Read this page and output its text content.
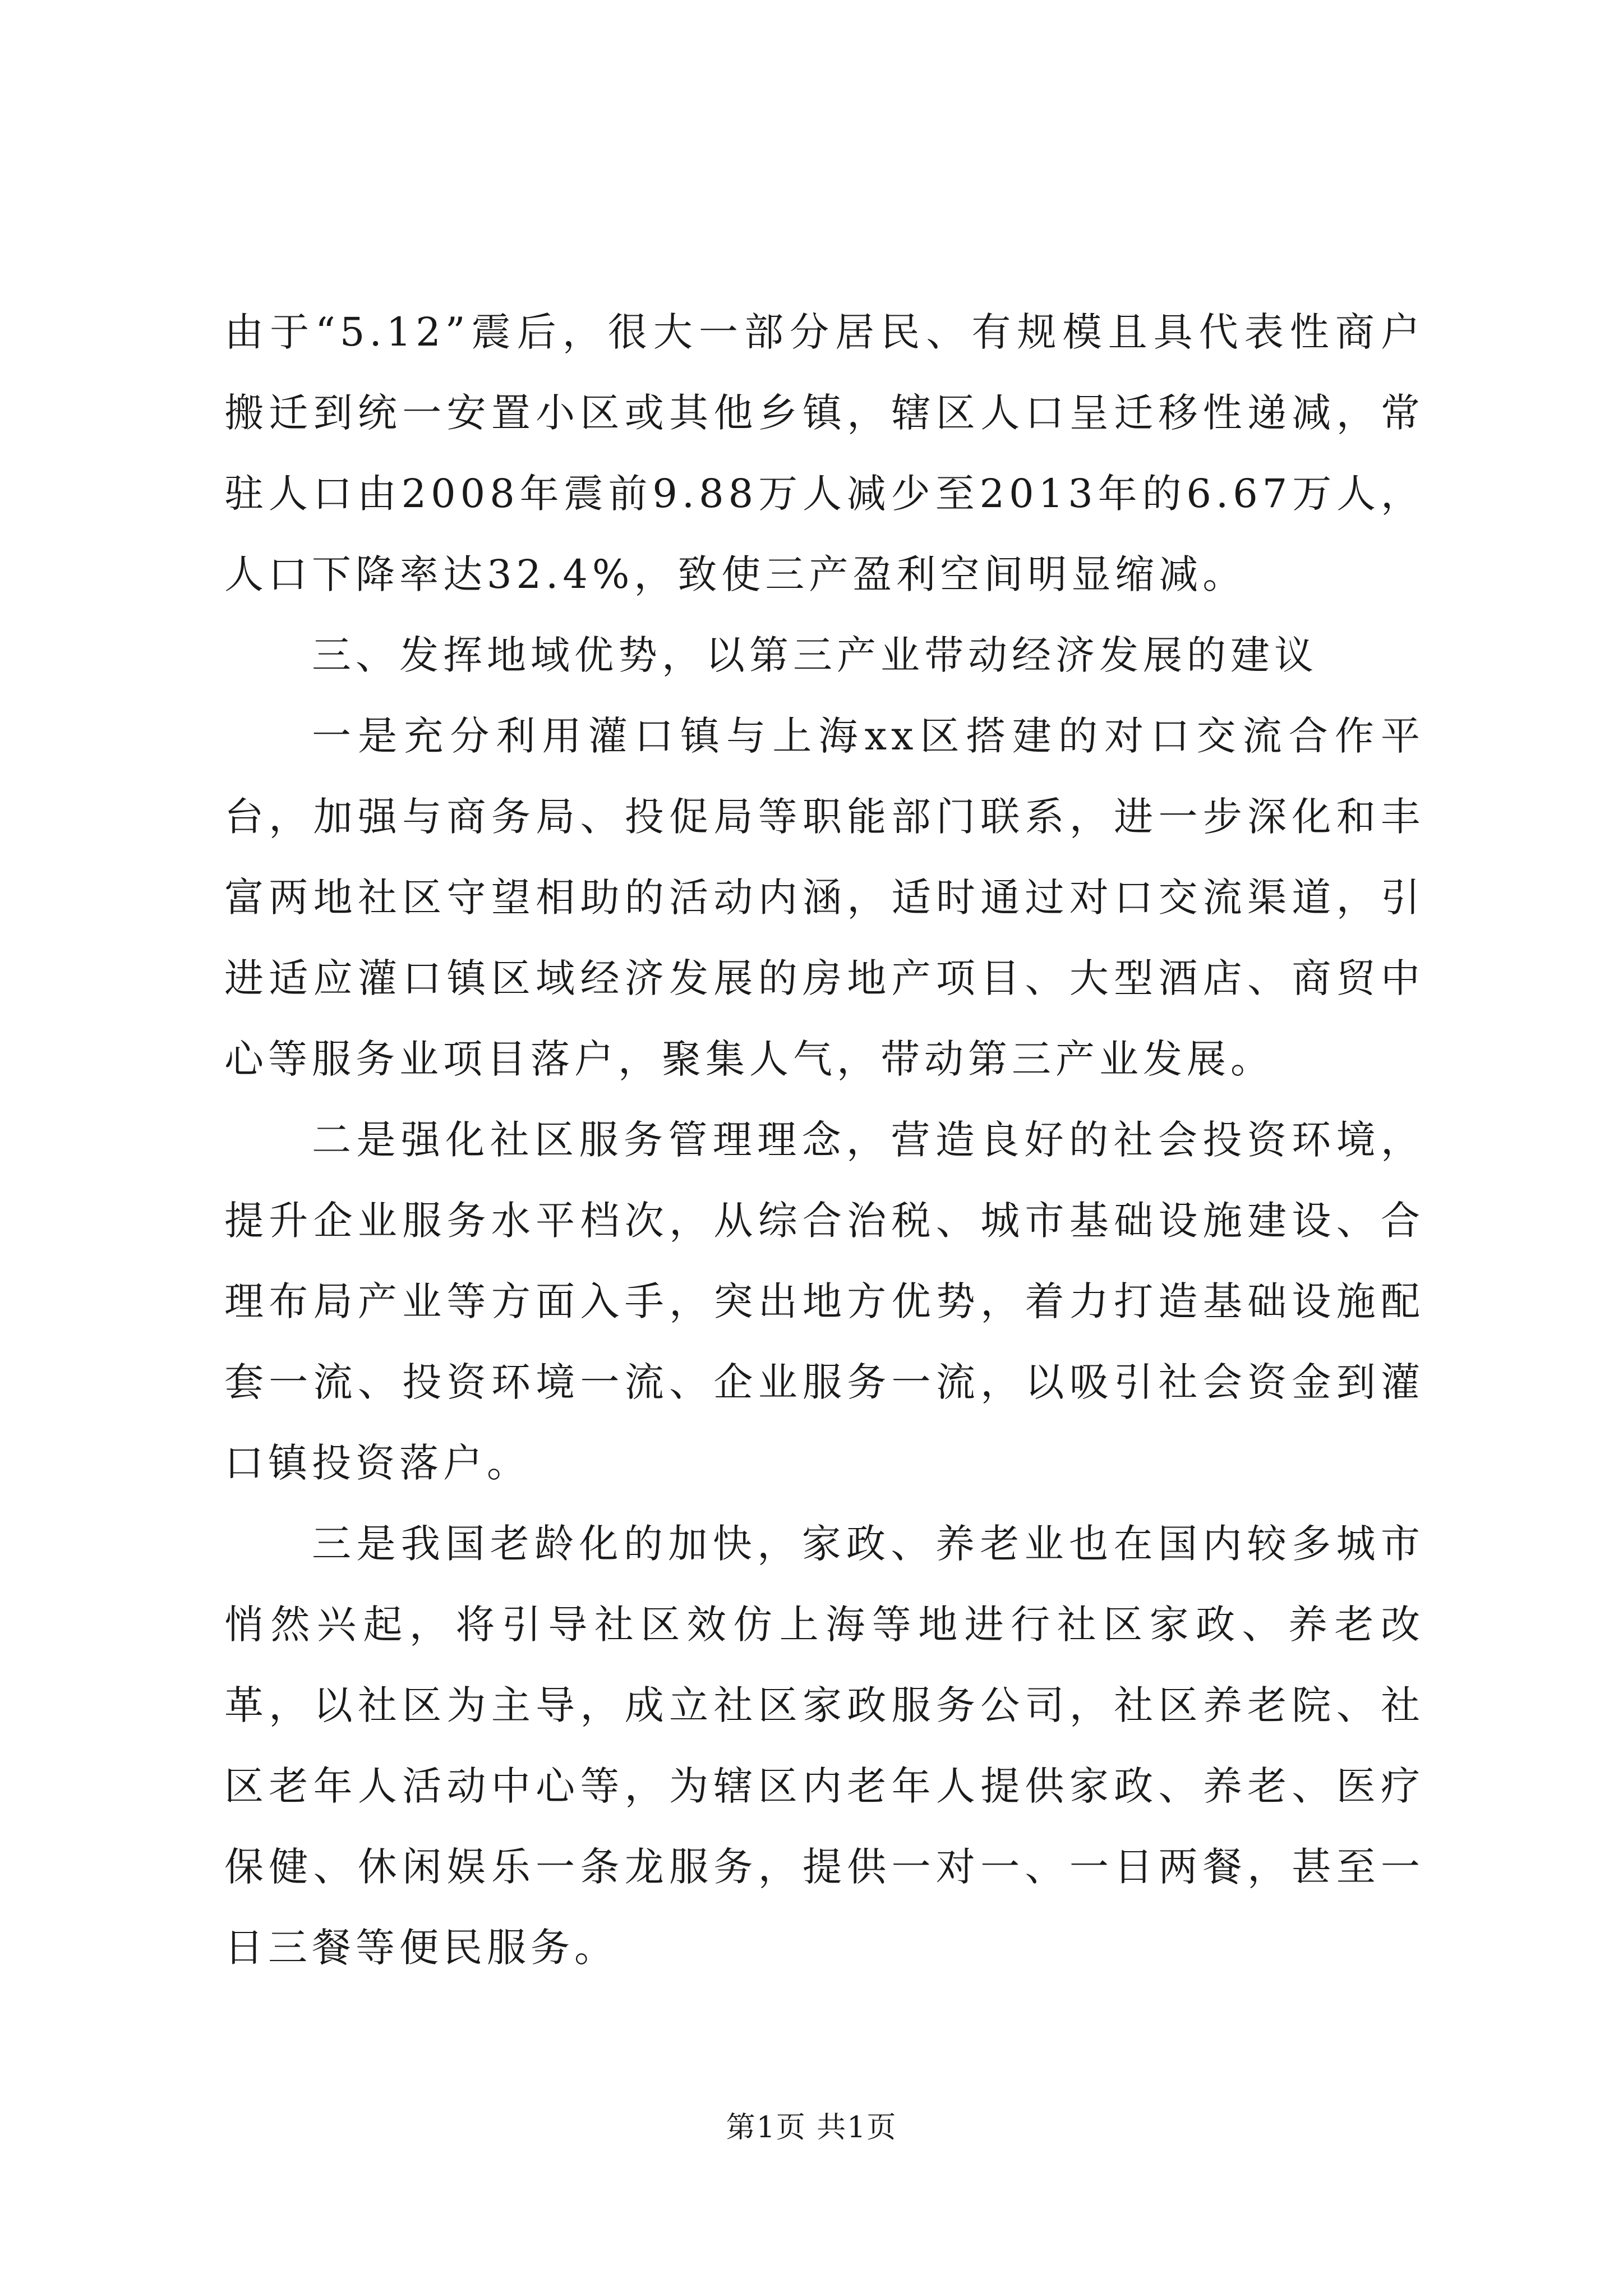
由于“5.12”震后，很大一部分居民、有规模且具代表性商户搬迁到统一安置小区或其他乡镇，辖区人口呈迁移性递减，常驻人口由2008年震前9.88万人减少至2013年的6.67万人，人口下降率达32.4%，致使三产盈利空间明显缩减。

三、发挥地域优势，以第三产业带动经济发展的建议

一是充分利用灌口镇与上海xx区搭建的对口交流合作平台，加强与商务局、投促局等职能部门联系，进一步深化和丰富两地社区守望相助的活动内涵，适时通过对口交流渠道，引进适应灌口镇区域经济发展的房地产项目、大型酒店、商贸中心等服务业项目落户，聚集人气，带动第三产业发展。

二是强化社区服务管理理念，营造良好的社会投资环境，提升企业服务水平档次，从综合治税、城市基础设施建设、合理布局产业等方面入手，突出地方优势，着力打造基础设施配套一流、投资环境一流、企业服务一流，以吸引社会资金到灌口镇投资落户。

三是我国老龄化的加快，家政、养老业也在国内较多城市悄然兴起，将引导社区效仿上海等地进行社区家政、养老改革，以社区为主导，成立社区家政服务公司，社区养老院、社区老年人活动中心等，为辖区内老年人提供家政、养老、医疗保健、休闲娱乐一条龙服务，提供一对一、一日两餐，甚至一日三餐等便民服务。

第1页 共1页
